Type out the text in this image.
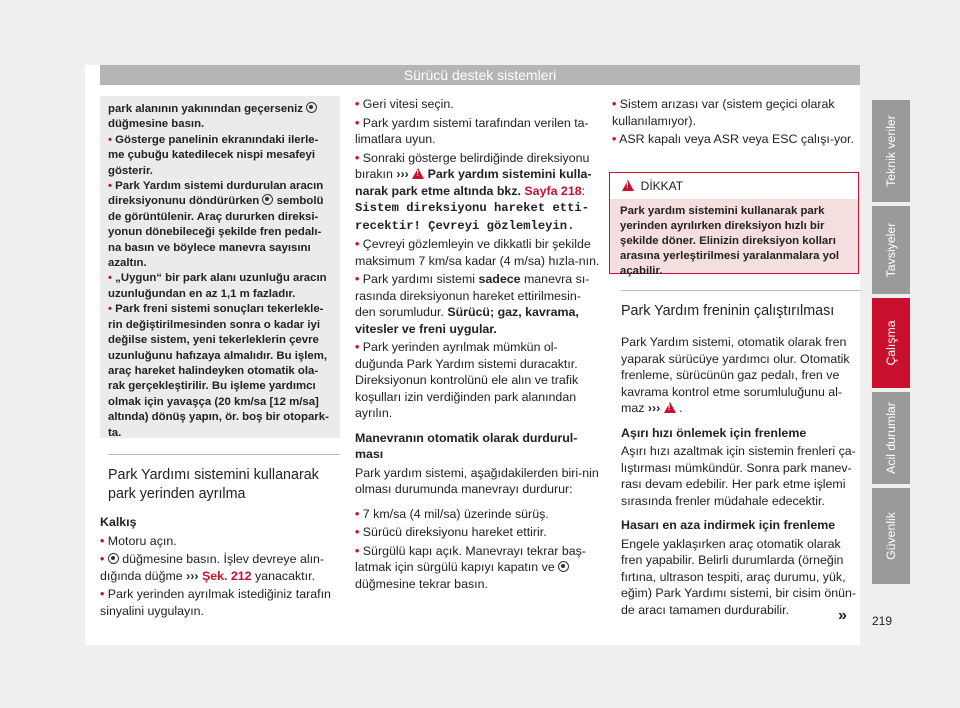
Sürücü destek sistemleri

park alanının yakınından geçerseniz  düğmesine basın.

• Gösterge panelinin ekranındaki ilerle-me çubuğu katedilecek nispi mesafeyi gösterir.

• Park Yardım sistemi durdurulan aracın direksiyonunu döndürürken sembolü de görüntülenir. Araç dururken direksi-yonun dönebileceği şekilde fren pedalı-na basın ve böylece manevra sayısını azaltın.

• „Uygun“ bir park alanı uzunluğu aracın uzunluğundan en az 1,1 m fazladır.

• Park freni sistemi sonuçları tekerlekle-rin değiştirilmesinden sonra o kadar iyi değilse sistem, yeni tekerleklerin çevre uzunluğunu hafızaya almalıdır. Bu işlem, araç hareket halindeyken otomatik ola-rak gerçekleştirilir. Bu işleme yardımcı olmak için yavaşça (20 km/sa [12 m/sa] altında) dönüş yapın, ör. boş bir otopark-ta.

Park Yardımı sistemini kullanarak park yerinden ayrılma

Kalkış

• Motoru açın.

• düğmesine basın. İşlev devreye alın-dığında düğme ››› Şek. 212 yanacaktır.

• Park yerinden ayrılmak istediğiniz tarafın sinyalini uygulayın.

• Geri vitesi seçin.

• Park yardım sistemi tarafından verilen ta-limatlara uyun.

• Sonraki gösterge belirdiğinde direksiyonu bırakın ››› ! Park yardım sistemini kulla-narak park etme altında bkz. Sayfa 218: Sistem direksiyonu hareket etti-recektir! Çevreyi gözlemleyin.

• Çevreyi gözlemleyin ve dikkatli bir şekilde maksimum 7 km/sa kadar (4 m/sa) hızla-nın.

• Park yardımı sistemi sadece manevra sı-rasında direksiyonun hareket ettirilmesin-den sorumludur. Sürücü; gaz, kavrama, vitesler ve freni uygular.

• Park yerinden ayrılmak mümkün ol-duğunda Park Yardım sistemi duracaktır. Direksiyonun kontrolünü ele alın ve trafik koşulları izin verdiğinden park alanından ayrılın.

Manevranın otomatik olarak durdurul-ması

Park yardım sistemi, aşağıdakilerden biri-nin olması durumunda manevrayı durdurur:

• 7 km/sa (4 mil/sa) üzerinde sürüş.

• Sürücü direksiyonu hareket ettirir.

• Sürgülü kapı açık. Manevrayı tekrar baş-latmak için sürgülü kapıyı kapatın ve  düğmesine tekrar basın.

• Sistem arızası var (sistem geçici olarak kullanılamıyor).

• ASR kapalı veya ASR veya ESC çalışı-yor.

!  DİKKAT
Park yardım sistemini kullanarak park yerinden ayrılırken direksiyon hızlı bir şekilde döner. Elinizin direksiyon kolları arasına yerleştirilmesi yaralanmalara yol açabilir.
Park Yardım freninin çalıştırılması

Park Yardım sistemi, otomatik olarak fren yaparak sürücüye yardımcı olur. Otomatik frenleme, sürücünün gaz pedalı, fren ve kavrama kontrol etme sorumluluğunu al-maz ››› ! .

Aşırı hızı önlemek için frenleme

Aşırı hızı azaltmak için sistemin frenleri ça-lıştırması mümkündür. Sonra park manev-rası devam edebilir. Her park etme işlemi sırasında frenler müdahale edecektir.

Hasarı en aza indirmek için frenleme

Engele yaklaşırken araç otomatik olarak fren yapabilir. Belirli durumlarda (örneğin fırtına, ultrason tespiti, araç durumu, yük, eğim) Park Yardımı sistemi, bir cisim önün-de aracı tamamen durdurabilir.	» 219
Teknik veriler
Tavsiyeler
Çalışma
Acil durumlar
Güvenlik
